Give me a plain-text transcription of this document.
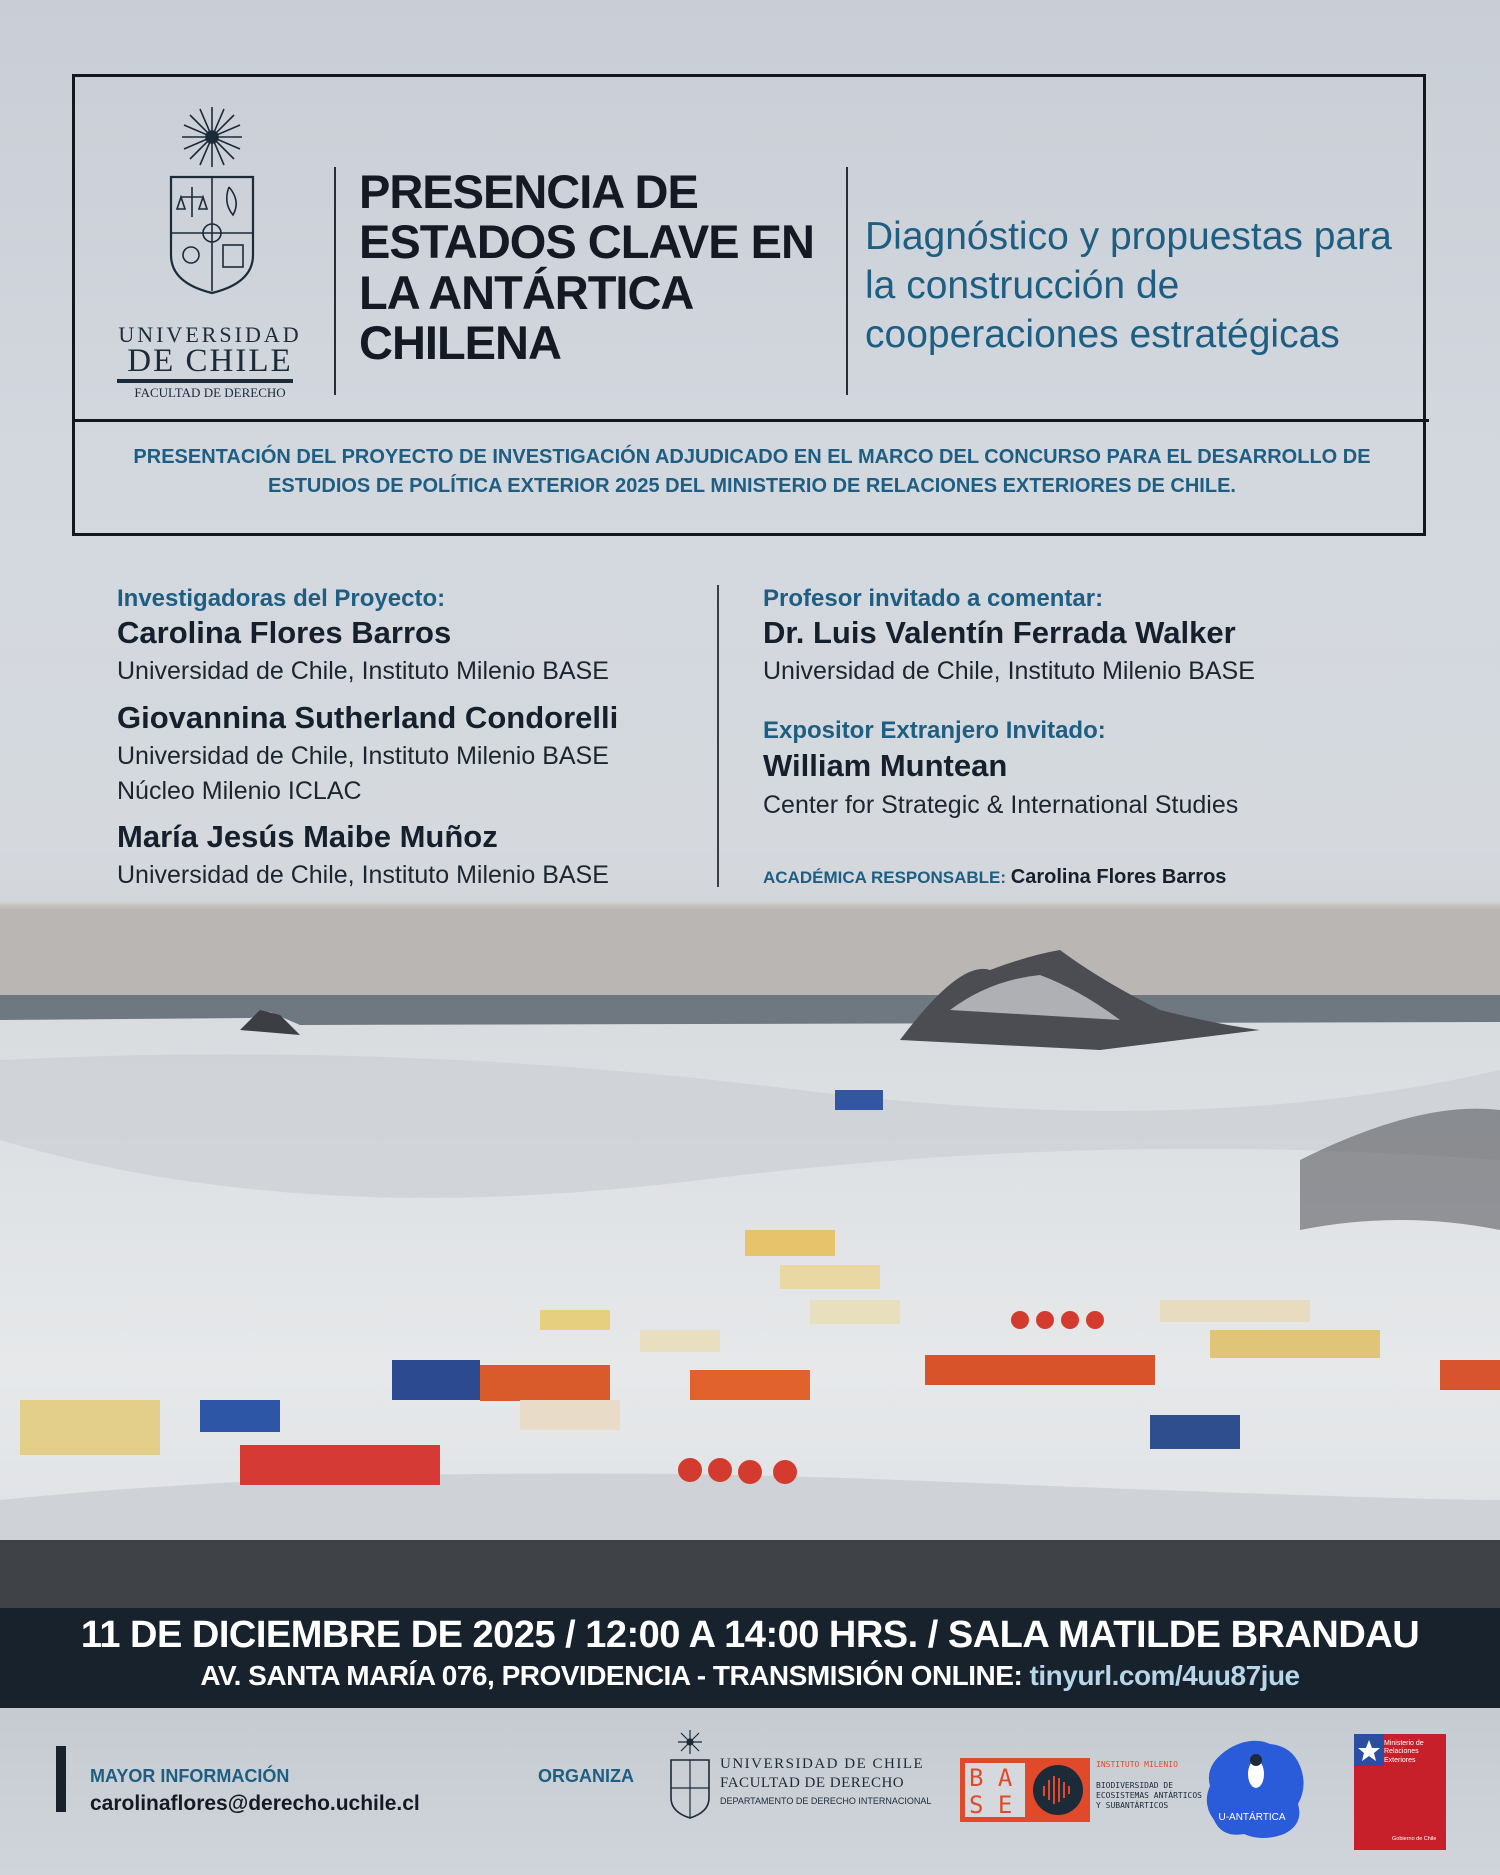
UNIVERSIDAD
DE CHILE
FACULTAD DE DERECHO
PRESENCIA DE ESTADOS CLAVE EN LA ANTÁRTICA CHILENA
Diagnóstico y propuestas para la construcción de cooperaciones estratégicas
PRESENTACIÓN DEL PROYECTO DE INVESTIGACIÓN ADJUDICADO EN EL MARCO DEL CONCURSO PARA EL DESARROLLO DE ESTUDIOS DE POLÍTICA EXTERIOR 2025 DEL MINISTERIO DE RELACIONES EXTERIORES DE CHILE.
Investigadoras del Proyecto:
Carolina Flores Barros
Universidad de Chile, Instituto Milenio BASE
Giovannina Sutherland Condorelli
Universidad de Chile, Instituto Milenio BASE
Núcleo Milenio ICLAC
María Jesús Maibe Muñoz
Universidad de Chile, Instituto Milenio BASE
Profesor invitado a comentar:
Dr. Luis Valentín Ferrada Walker
Universidad de Chile, Instituto Milenio BASE
Expositor Extranjero Invitado:
William Muntean
Center for Strategic & International Studies
ACADÉMICA RESPONSABLE: Carolina Flores Barros
11 DE DICIEMBRE DE 2025 / 12:00 A 14:00 HRS. / SALA MATILDE BRANDAU
AV. SANTA MARÍA 076, PROVIDENCIA - TRANSMISIÓN ONLINE: tinyurl.com/4uu87jue
MAYOR INFORMACIÓN
carolinaflores@derecho.uchile.cl
ORGANIZA
UNIVERSIDAD DE CHILE
FACULTAD DE DERECHO
DEPARTAMENTO DE DERECHO INTERNACIONAL
B A
S E
INSTITUTO MILENIO
BIODIVERSIDAD DE ECOSISTEMAS ANTÁRTICOS Y SUBANTÁRTICOS
U-ANTÁRTICA
Ministerio de Relaciones Exteriores
Gobierno de Chile
